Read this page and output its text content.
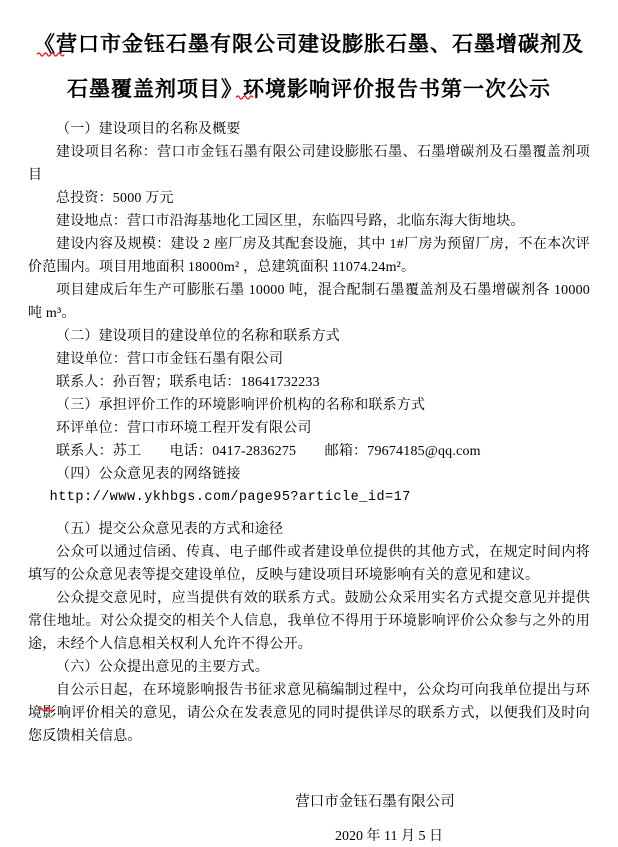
《营口市金钰石墨有限公司建设膨胀石墨、石墨增碳剂及
石墨覆盖剂项目》环境影响评价报告书第一次公示
（一）建设项目的名称及概要
建设项目名称：营口市金钰石墨有限公司建设膨胀石墨、石墨增碳剂及石墨覆盖剂项目
总投资：5000 万元
建设地点：营口市沿海基地化工园区里，东临四号路，北临东海大街地块。
建设内容及规模：建设 2 座厂房及其配套设施，其中 1#厂房为预留厂房，不在本次评价范围内。项目用地面积 18000m² ，总建筑面积 11074.24m²。
项目建成后年生产可膨胀石墨 10000 吨，混合配制石墨覆盖剂及石墨增碳剂各 10000 吨 m³。
（二）建设项目的建设单位的名称和联系方式
建设单位：营口市金钰石墨有限公司
联系人：孙百智；联系电话：18641732233
（三）承担评价工作的环境影响评价机构的名称和联系方式
环评单位：营口市环境工程开发有限公司
联系人：苏工　　电话：0417-2836275　　邮箱：79674185@qq.com
（四）公众意见表的网络链接
http://www.ykhbgs.com/page95?article_id=17
（五）提交公众意见表的方式和途径
公众可以通过信函、传真、电子邮件或者建设单位提供的其他方式，在规定时间内将填写的公众意见表等提交建设单位，反映与建设项目环境影响有关的意见和建议。
公众提交意见时，应当提供有效的联系方式。鼓励公众采用实名方式提交意见并提供常住地址。对公众提交的相关个人信息，我单位不得用于环境影响评价公众参与之外的用途，未经个人信息相关权利人允许不得公开。
（六）公众提出意见的主要方式。
自公示日起，在环境影响报告书征求意见稿编制过程中，公众均可向我单位提出与环境影响评价相关的意见，请公众在发表意见的同时提供详尽的联系方式，以便我们及时向您反馈相关信息。
营口市金钰石墨有限公司
2020 年 11 月 5 日
